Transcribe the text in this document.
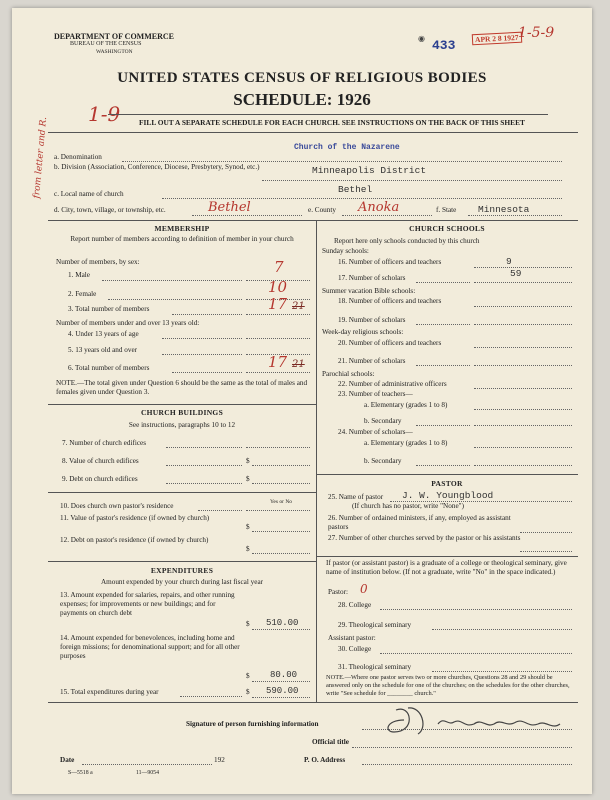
DEPARTMENT OF COMMERCE
BUREAU OF THE CENSUS
WASHINGTON
◉ 433	APR 2 8 1927 1-5-9
UNITED STATES CENSUS OF RELIGIOUS BODIES
SCHEDULE: 1926
1-9	FILL OUT A SEPARATE SCHEDULE FOR EACH CHURCH. SEE INSTRUCTIONS ON THE BACK OF THIS SHEET
Church of the Nazarene
a. Denomination
b. Division (Association, Conference, Diocese, Presbytery, Synod, etc.)	Minneapolis District
Bethel
c. Local name of church
d. City, town, village, or township, etc.	Bethel	e. County Anoka	f. State Minnesota
from letter and R.
MEMBERSHIP
Report number of members according to definition of member in your church
Number of members, by sex:
1. Male	7
2. Female	10
3. Total number of members	17 21
Number of members under and over 13 years old:
4. Under 13 years of age
5. 13 years old and over
6. Total number of members	17 21
NOTE.—The total given under Question 6 should be the same as the total of males and females given under Question 3.
CHURCH BUILDINGS
See instructions, paragraphs 10 to 12
7. Number of church edifices
8. Value of church edifices	$
9. Debt on church edifices	$
10. Does church own pastor's residence	Yes or No
11. Value of pastor's residence (if owned by church)
$
12. Debt on pastor's residence (if owned by church)
$
EXPENDITURES
Amount expended by your church during last fiscal year
13. Amount expended for salaries, repairs, and other running expenses; for improvements or new buildings; and for payments on church debt
$ 510.00
14. Amount expended for benevolences, including home and foreign missions; for denominational support; and for all other purposes
$ 80.00
15. Total expenditures during year	$ 590.00
CHURCH SCHOOLS
Report here only schools conducted by this church
Sunday schools:
16. Number of officers and teachers	9
17. Number of scholars	59
Summer vacation Bible schools:
18. Number of officers and teachers
19. Number of scholars
Week-day religious schools:
20. Number of officers and teachers
21. Number of scholars
Parochial schools:
22. Number of administrative officers
23. Number of teachers—
a. Elementary (grades 1 to 8)
b. Secondary
24. Number of scholars—
a. Elementary (grades 1 to 8)
b. Secondary
PASTOR
25. Name of pastor J. W. Youngblood
(If church has no pastor, write "None")
26. Number of ordained ministers, if any, employed as assistant pastors
27. Number of other churches served by the pastor or his assistants
If pastor (or assistant pastor) is a graduate of a college or theological seminary, give name of institution below. (If not a graduate, write "No" in the space indicated.)
Pastor: 0
28. College
29. Theological seminary
Assistant pastor:
30. College
31. Theological seminary
NOTE.—Where one pastor serves two or more churches, Questions 28 and 29 should be answered only on the schedule for one of the churches; on the schedules for the other churches, write "See schedule for ________ church."
Signature of person furnishing information
Official title
Date	192	P. O. Address
S—5518 a	11—9054
